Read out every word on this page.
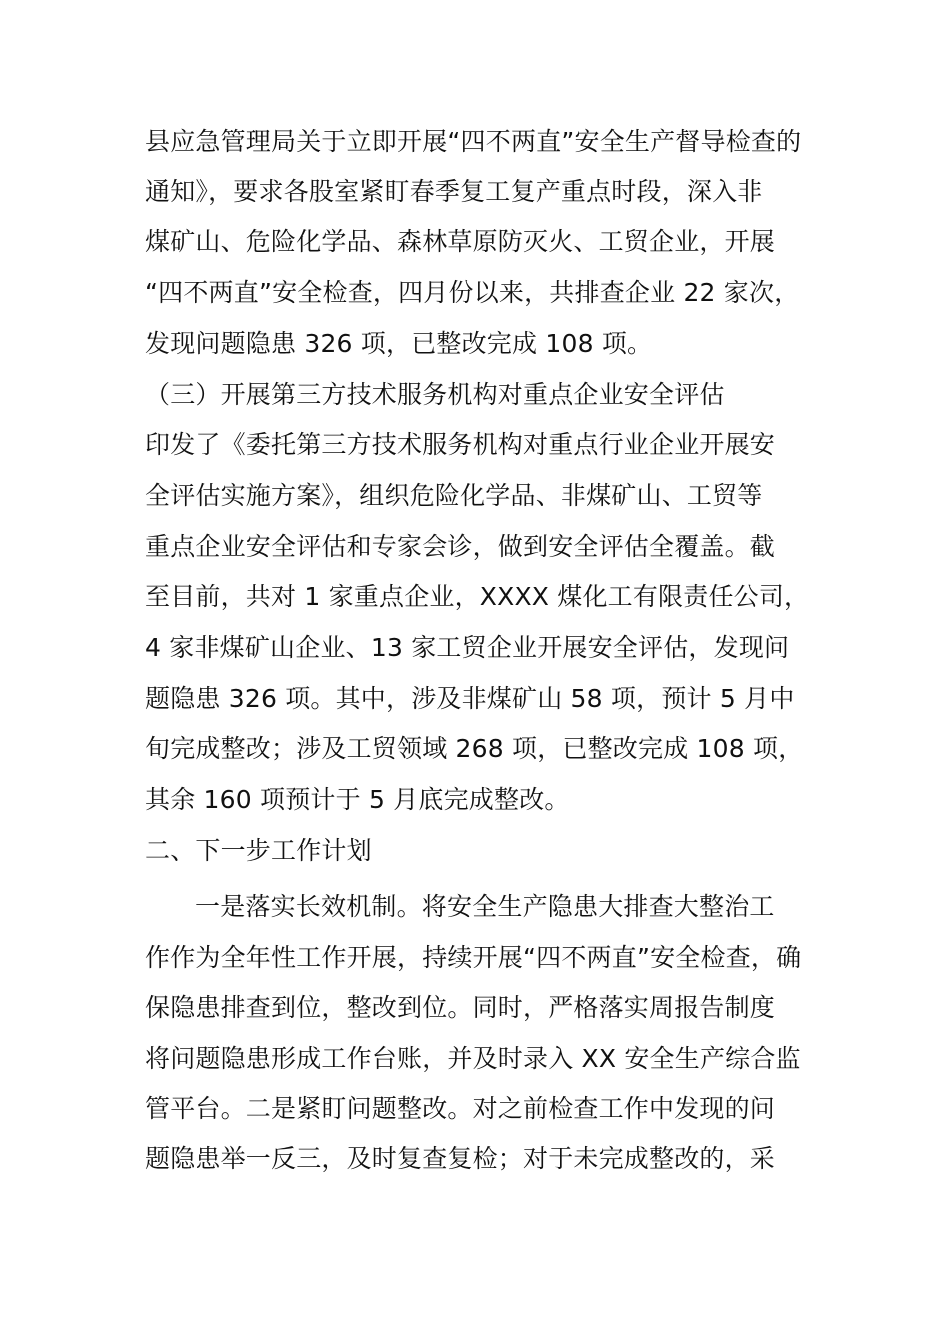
县应急管理局关于立即开展“四不两直”安全生产督导检查的
通知》，要求各股室紧盯春季复工复产重点时段，深入非
煤矿山、危险化学品、森林草原防灭火、工贸企业，开展
“四不两直”安全检查，四月份以来，共排查企业 22 家次，
发现问题隐患 326 项，已整改完成 108 项。
（三）开展第三方技术服务机构对重点企业安全评估
印发了《委托第三方技术服务机构对重点行业企业开展安
全评估实施方案》，组织危险化学品、非煤矿山、工贸等
重点企业安全评估和专家会诊，做到安全评估全覆盖。截
至目前，共对 1 家重点企业，XXXX 煤化工有限责任公司，
4 家非煤矿山企业、13 家工贸企业开展安全评估，发现问
题隐患 326 项。其中，涉及非煤矿山 58 项，预计 5 月中
旬完成整改；涉及工贸领域 268 项，已整改完成 108 项，
其余 160 项预计于 5 月底完成整改。
二、下一步工作计划
一是落实长效机制。将安全生产隐患大排查大整治工
作作为全年性工作开展，持续开展“四不两直”安全检查，确
保隐患排查到位，整改到位。同时，严格落实周报告制度
将问题隐患形成工作台账，并及时录入 XX 安全生产综合监
管平台。二是紧盯问题整改。对之前检查工作中发现的问
题隐患举一反三，及时复查复检；对于未完成整改的，采
